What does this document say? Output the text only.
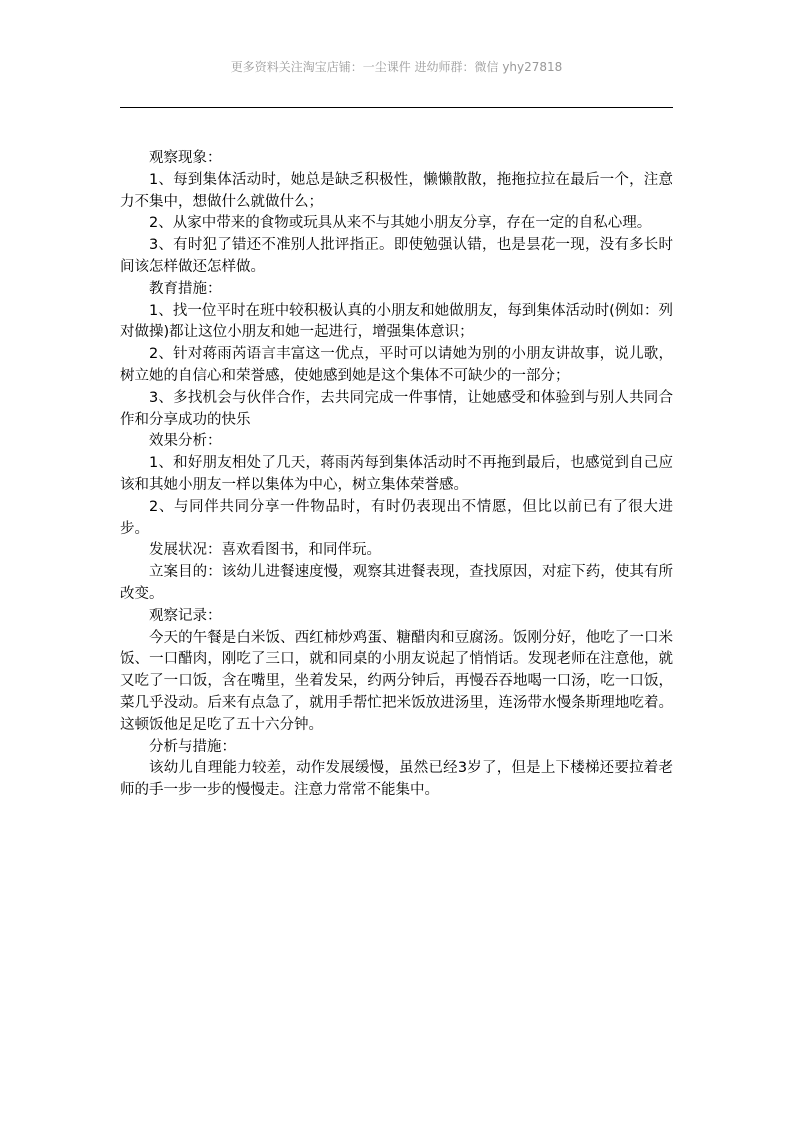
更多资料关注淘宝店铺：一尘课件 进幼师群：微信 yhy27818

观察现象：

1、每到集体活动时，她总是缺乏积极性，懒懒散散，拖拖拉拉在最后一个，注意力不集中，想做什么就做什么；

2、从家中带来的食物或玩具从来不与其她小朋友分享，存在一定的自私心理。

3、有时犯了错还不准别人批评指正。即使勉强认错，也是昙花一现，没有多长时间该怎样做还怎样做。

教育措施：

1、找一位平时在班中较积极认真的小朋友和她做朋友，每到集体活动时(例如：列对做操)都让这位小朋友和她一起进行，增强集体意识；

2、针对蒋雨芮语言丰富这一优点，平时可以请她为别的小朋友讲故事，说儿歌，树立她的自信心和荣誉感，使她感到她是这个集体不可缺少的一部分；

3、多找机会与伙伴合作，去共同完成一件事情，让她感受和体验到与别人共同合作和分享成功的快乐

效果分析：

1、和好朋友相处了几天，蒋雨芮每到集体活动时不再拖到最后，也感觉到自己应该和其她小朋友一样以集体为中心，树立集体荣誉感。

2、与同伴共同分享一件物品时，有时仍表现出不情愿，但比以前已有了很大进步。

发展状况：喜欢看图书，和同伴玩。

立案目的：该幼儿进餐速度慢，观察其进餐表现，查找原因，对症下药，使其有所改变。

观察记录：

今天的午餐是白米饭、西红柿炒鸡蛋、糖醋肉和豆腐汤。饭刚分好，他吃了一口米饭、一口醋肉，刚吃了三口，就和同桌的小朋友说起了悄悄话。发现老师在注意他，就又吃了一口饭，含在嘴里，坐着发呆，约两分钟后，再慢吞吞地喝一口汤，吃一口饭，菜几乎没动。后来有点急了，就用手帮忙把米饭放进汤里，连汤带水慢条斯理地吃着。这顿饭他足足吃了五十六分钟。

分析与措施：

该幼儿自理能力较差，动作发展缓慢，虽然已经3岁了，但是上下楼梯还要拉着老师的手一步一步的慢慢走。注意力常常不能集中。
